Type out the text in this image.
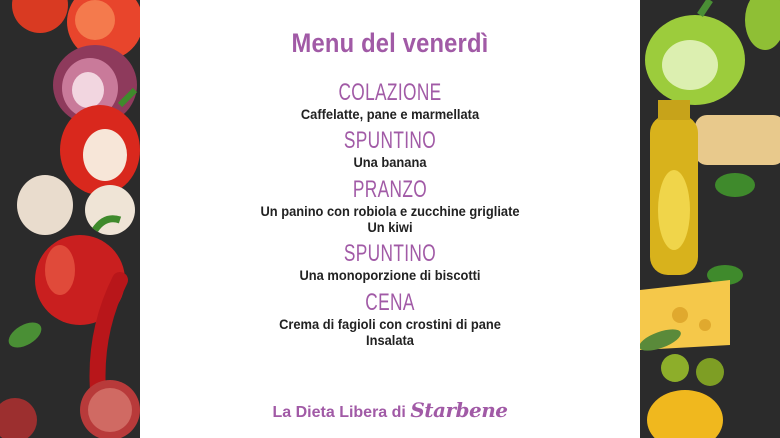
Menu del venerdì
COLAZIONE
Caffelatte, pane e marmellata
SPUNTINO
Una banana
PRANZO
Un panino con robiola e zucchine grigliate
Un kiwi
SPUNTINO
Una monoporzione di biscotti
CENA
Crema di fagioli con crostini di pane
Insalata
La Dieta Libera di Starbene
